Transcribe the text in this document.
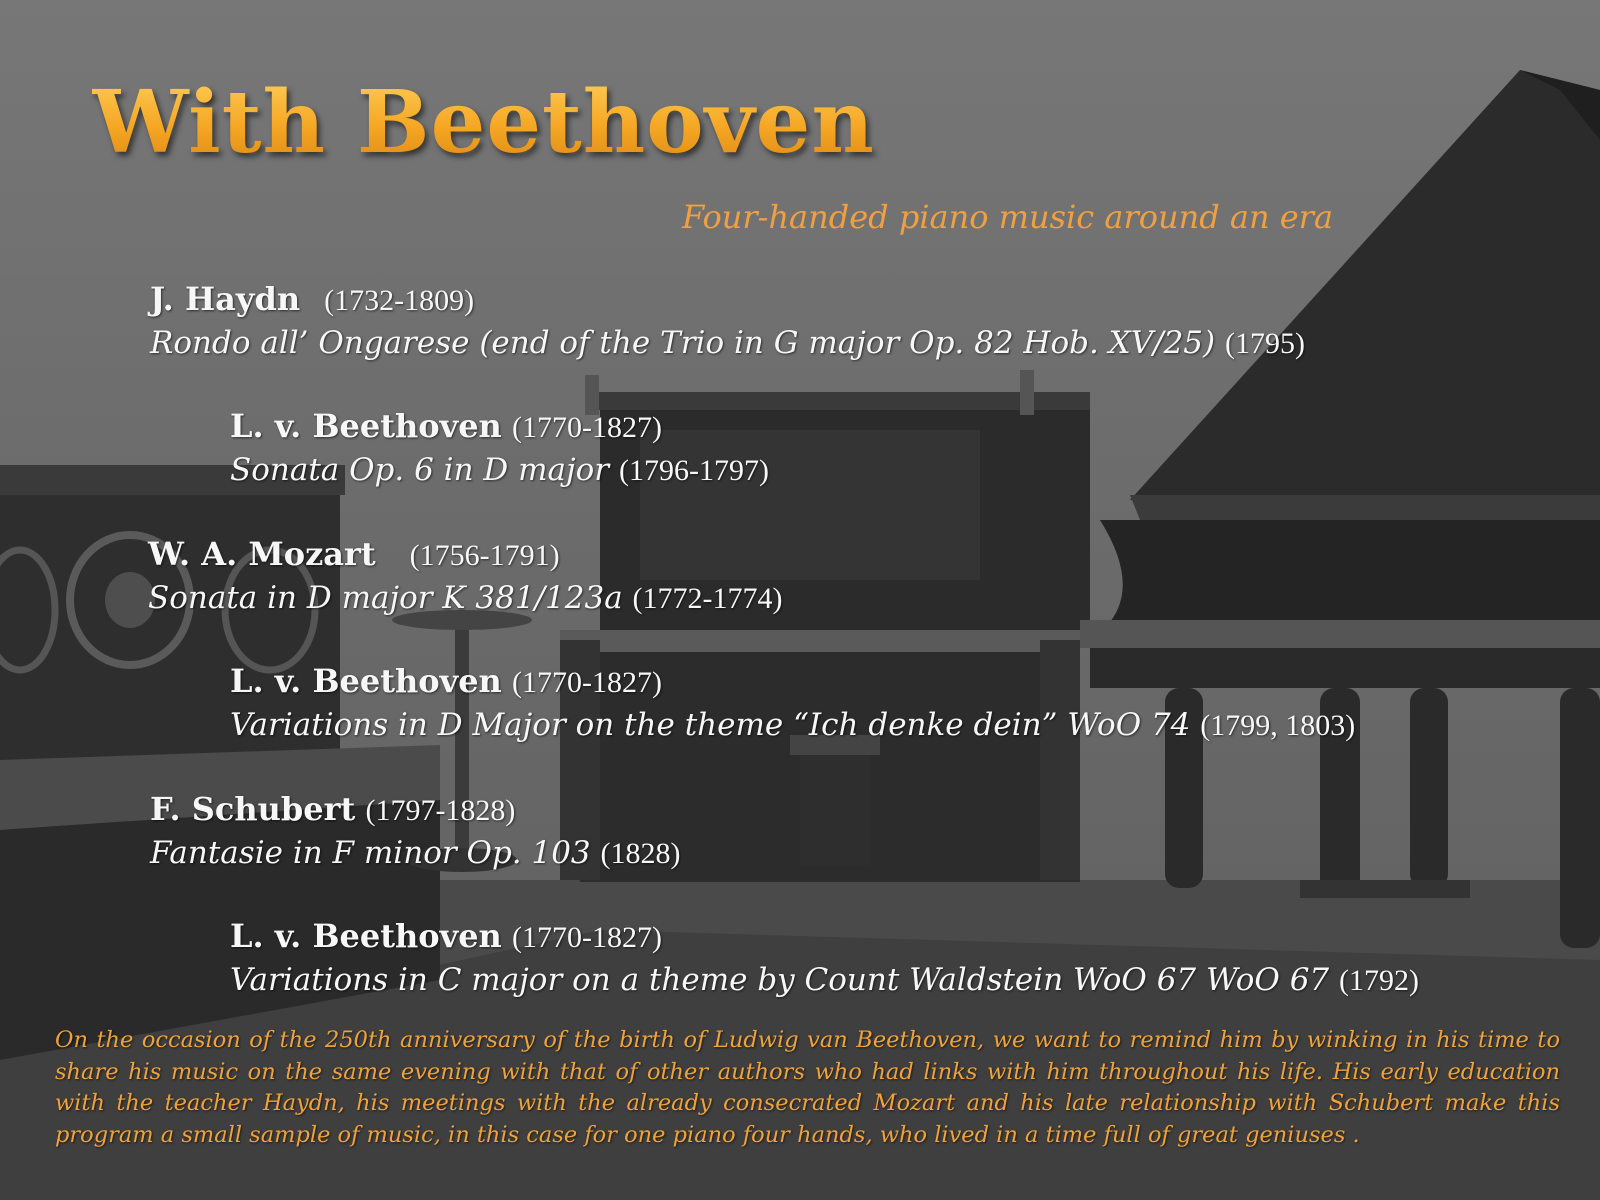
With Beethoven
Four-handed piano music around an era
J. Haydn (1732-1809)
Rondo all’ Ongarese (end of the Trio in G major Op. 82 Hob. XV/25) (1795)
L. v. Beethoven (1770-1827)
Sonata Op. 6 in D major (1796-1797)
W. A. Mozart (1756-1791)
Sonata in D major K 381/123a (1772-1774)
L. v. Beethoven (1770-1827)
Variations in D Major on the theme “Ich denke dein” WoO 74 (1799, 1803)
F. Schubert (1797-1828)
Fantasie in F minor Op. 103 (1828)
L. v. Beethoven (1770-1827)
Variations in C major on a theme by Count Waldstein WoO 67 WoO 67 (1792)
On the occasion of the 250th anniversary of the birth of Ludwig van Beethoven, we want to remind him by winking in his time to share his music on the same evening with that of other authors who had links with him throughout his life. His early education with the teacher Haydn, his meetings with the already consecrated Mozart and his late relationship with Schubert make this program a small sample of music, in this case for one piano four hands, who lived in a time full of great geniuses .
